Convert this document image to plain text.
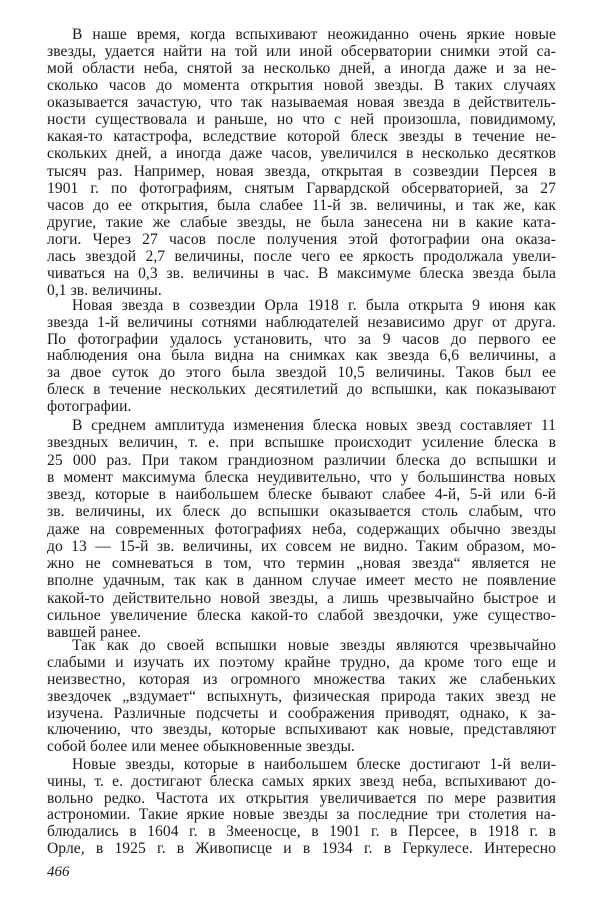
В наше время, когда вспыхивают неожиданно очень яркие новые
звезды, удается найти на той или иной обсерватории снимки этой са-
мой области неба, снятой за несколько дней, а иногда даже и за не-
сколько часов до момента открытия новой звезды. В таких случаях
оказывается зачастую, что так называемая новая звезда в действитель-
ности существовала и раньше, но что с ней произошла, повидимому,
какая-то катастрофа, вследствие которой блеск звезды в течение не-
скольких дней, а иногда даже часов, увеличился в несколько десятков
тысяч раз. Например, новая звезда, открытая в созвездии Персея в
1901 г. по фотографиям, снятым Гарвардской обсерваторией, за 27
часов до ее открытия, была слабее 11-й зв. величины, и так же, как
другие, такие же слабые звезды, не была занесена ни в какие ката-
логи. Через 27 часов после получения этой фотографии она оказа-
лась звездой 2,7 величины, после чего ее яркость продолжала увели-
чиваться на 0,3 зв. величины в час. В максимуме блеска звезда была
0,1 зв. величины.
Новая звезда в созвездии Орла 1918 г. была открыта 9 июня как
звезда 1-й величины сотнями наблюдателей независимо друг от друга.
По фотографии удалось установить, что за 9 часов до первого ее
наблюдения она была видна на снимках как звезда 6,6 величины, а
за двое суток до этого была звездой 10,5 величины. Таков был ее
блеск в течение нескольких десятилетий до вспышки, как показывают
фотографии.
В среднем амплитуда изменения блеска новых звезд составляет 11
звездных величин, т. е. при вспышке происходит усиление блеска в
25 000 раз. При таком грандиозном различии блеска до вспышки и
в момент максимума блеска неудивительно, что у большинства новых
звезд, которые в наибольшем блеске бывают слабее 4-й, 5-й или 6-й
зв. величины, их блеск до вспышки оказывается столь слабым, что
даже на современных фотографиях неба, содержащих обычно звезды
до 13 — 15-й зв. величины, их совсем не видно. Таким образом, мо-
жно не сомневаться в том, что термин „новая звезда“ является не
вполне удачным, так как в данном случае имеет место не появление
какой-то действительно новой звезды, а лишь чрезвычайно быстрое и
сильное увеличение блеска какой-то слабой звездочки, уже существо-
вавшей ранее.
Так как до своей вспышки новые звезды являются чрезвычайно
слабыми и изучать их поэтому крайне трудно, да кроме того еще и
неизвестно, которая из огромного множества таких же слабеньких
звездочек „вздумает“ вспыхнуть, физическая природа таких звезд не
изучена. Различные подсчеты и соображения приводят, однако, к за-
ключению, что звезды, которые вспыхивают как новые, представляют
собой более или менее обыкновенные звезды.
Новые звезды, которые в наибольшем блеске достигают 1-й вели-
чины, т. е. достигают блеска самых ярких звезд неба, вспыхивают до-
вольно редко. Частота их открытия увеличивается по мере развития
астрономии. Такие яркие новые звезды за последние три столетия на-
блюдались в 1604 г. в Змееносце, в 1901 г. в Персее, в 1918 г. в
Орле, в 1925 г. в Живописце и в 1934 г. в Геркулесе. Интересно
466
